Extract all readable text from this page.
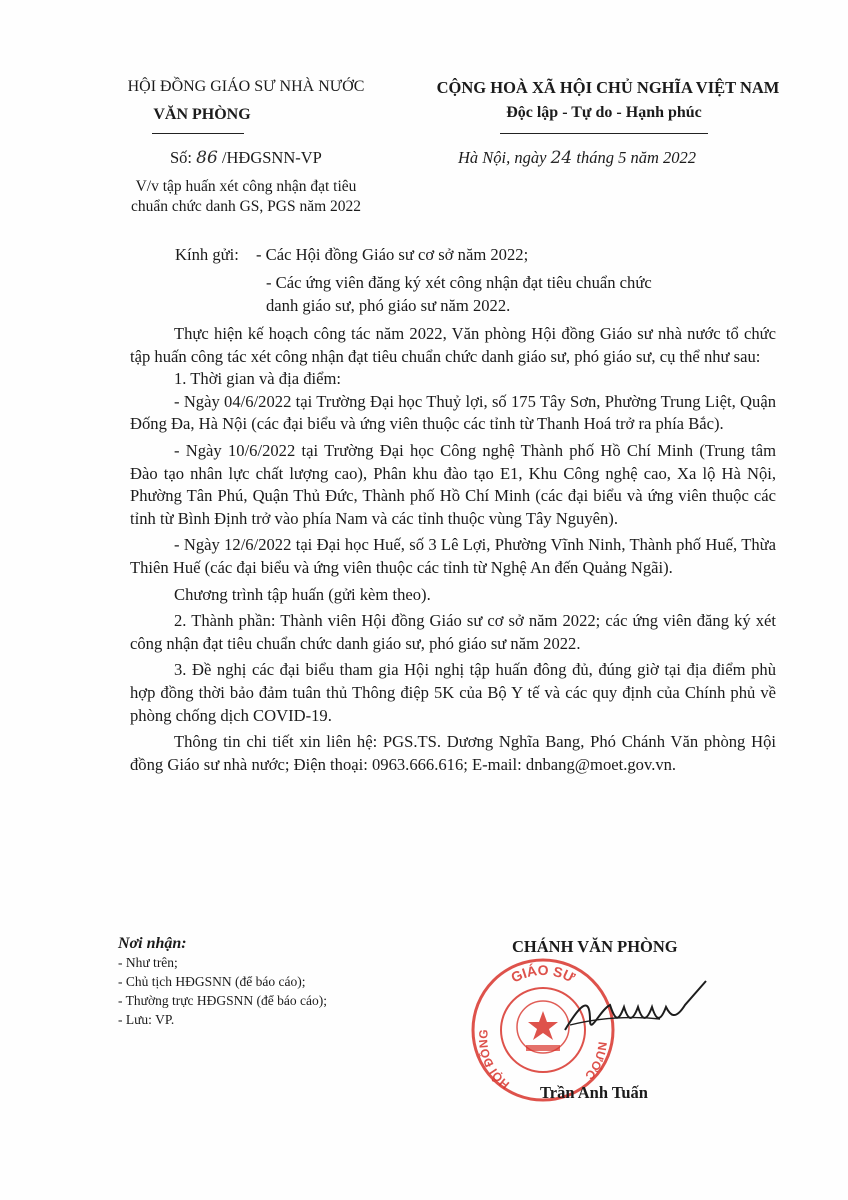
HỘI ĐỒNG GIÁO SƯ NHÀ NƯỚC
VĂN PHÒNG
Số: 86 /HĐGSNN-VP
V/v tập huấn xét công nhận đạt tiêu
chuẩn chức danh GS, PGS năm 2022
CỘNG HOÀ XÃ HỘI CHỦ NGHĨA VIỆT NAM
Độc lập - Tự do - Hạnh phúc
Hà Nội, ngày 24 tháng 5 năm 2022
Kính gửi: - Các Hội đồng Giáo sư cơ sở năm 2022;
- Các ứng viên đăng ký xét công nhận đạt tiêu chuẩn chức
danh giáo sư, phó giáo sư năm 2022.

Thực hiện kế hoạch công tác năm 2022, Văn phòng Hội đồng Giáo sư nhà nước tổ chức tập huấn công tác xét công nhận đạt tiêu chuẩn chức danh giáo sư, phó giáo sư, cụ thể như sau:

1. Thời gian và địa điểm:

- Ngày 04/6/2022 tại Trường Đại học Thuỷ lợi, số 175 Tây Sơn, Phường Trung Liệt, Quận Đống Đa, Hà Nội (các đại biểu và ứng viên thuộc các tỉnh từ Thanh Hoá trở ra phía Bắc).

- Ngày 10/6/2022 tại Trường Đại học Công nghệ Thành phố Hồ Chí Minh (Trung tâm Đào tạo nhân lực chất lượng cao), Phân khu đào tạo E1, Khu Công nghệ cao, Xa lộ Hà Nội, Phường Tân Phú, Quận Thủ Đức, Thành phố Hồ Chí Minh (các đại biểu và ứng viên thuộc các tỉnh từ Bình Định trở vào phía Nam và các tỉnh thuộc vùng Tây Nguyên).

- Ngày 12/6/2022 tại Đại học Huế, số 3 Lê Lợi, Phường Vĩnh Ninh, Thành phố Huế, Thừa Thiên Huế (các đại biểu và ứng viên thuộc các tỉnh từ Nghệ An đến Quảng Ngãi).

Chương trình tập huấn (gửi kèm theo).

2. Thành phần: Thành viên Hội đồng Giáo sư cơ sở năm 2022; các ứng viên đăng ký xét công nhận đạt tiêu chuẩn chức danh giáo sư, phó giáo sư năm 2022.

3. Đề nghị các đại biểu tham gia Hội nghị tập huấn đông đủ, đúng giờ tại địa điểm phù hợp đồng thời bảo đảm tuân thủ Thông điệp 5K của Bộ Y tế và các quy định của Chính phủ về phòng chống dịch COVID-19.

Thông tin chi tiết xin liên hệ: PGS.TS. Dương Nghĩa Bang, Phó Chánh Văn phòng Hội đồng Giáo sư nhà nước; Điện thoại: 0963.666.616; E-mail: dnbang@moet.gov.vn.

Nơi nhận:
- Như trên;
- Chủ tịch HĐGSNN (để báo cáo);
- Thường trực HĐGSNN (để báo cáo);
- Lưu: VP.
GIÁO SƯ
HỘI ĐỒNG
NƯỚC
CHÁNH VĂN PHÒNG
Trần Anh Tuấn
